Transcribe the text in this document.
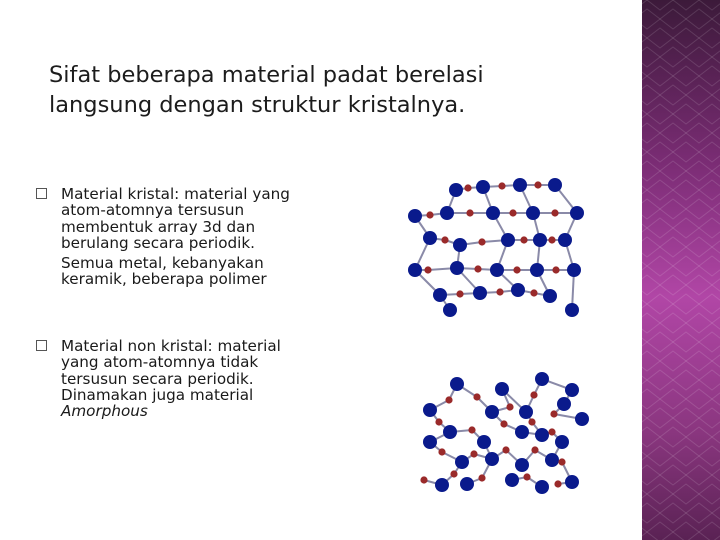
Sifat beberapa material padat berelasi
langsung dengan struktur kristalnya.
Material kristal: material yang
atom-atomnya tersusun
membentuk array 3d dan
berulang secara periodik.
Semua metal, kebanyakan
keramik, beberapa polimer
Material non kristal: material
yang atom-atomnya tidak
tersusun secara periodik.
Dinamakan juga material
Amorphous
